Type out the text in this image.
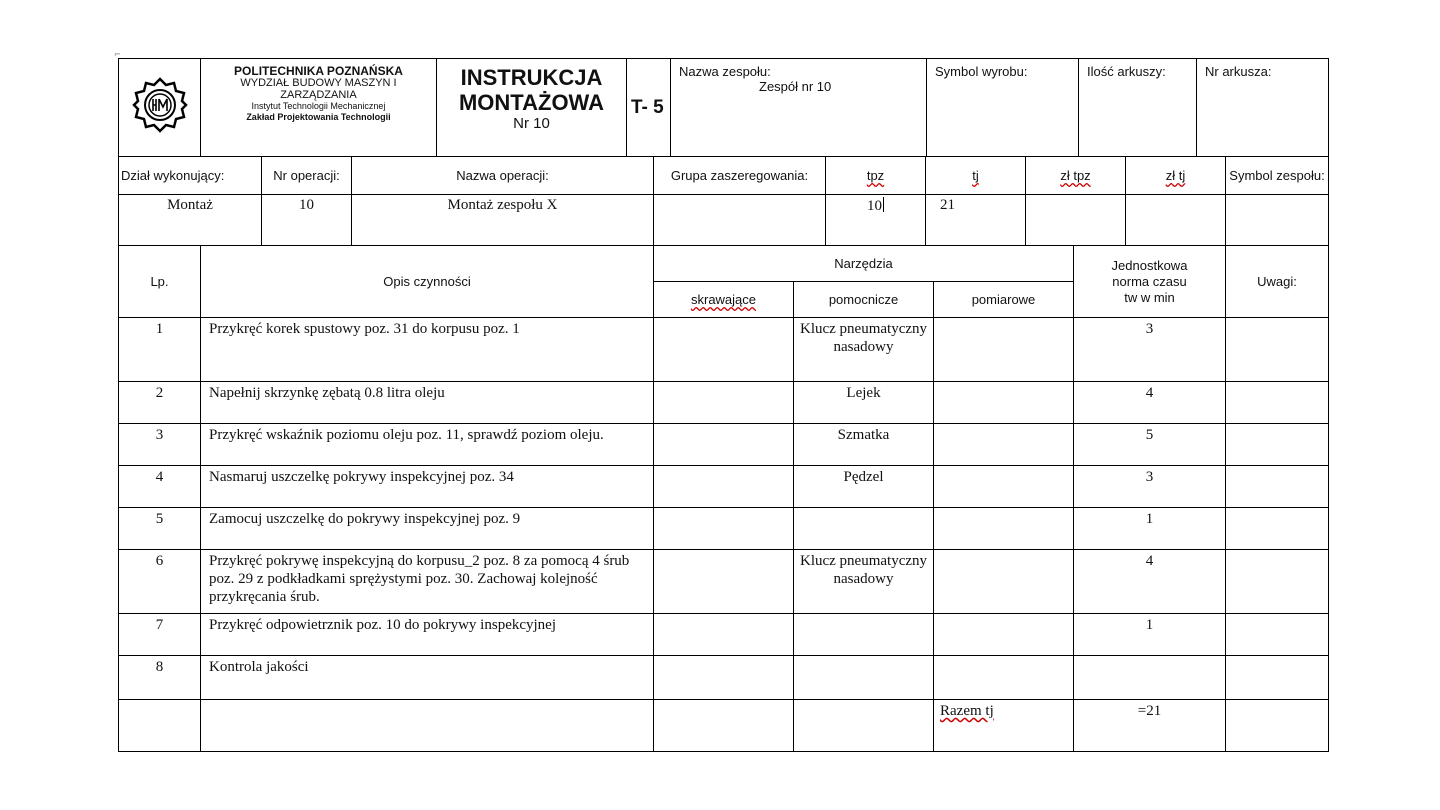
⌐

POLITECHNIKA POZNAŃSKA
WYDZIAŁ BUDOWY MASZYN I ZARZĄDZANIA
Instytut Technologii Mechanicznej
Zakład Projektowania Technologii

INSTRUKCJA
MONTAŻOWA
Nr 10
	T- 5	
Nazwa zespołu:
Zespół nr 10

Symbol wyrobu:	Ilość arkuszy:	Nr arkusza:
Dział wykonujący:	Nr operacji:	Nazwa operacji:	Grupa zaszeregowania:	tpz	tj	zł tpz	zł tj	Symbol zespołu:
Montaż	10	Montaż zespołu X		10	21			
Lp.	Opis czynności	Narzędzia			Jednostkowa
norma czasu
tw w min	Uwagi:
		skrawające	pomocnicze	pomiarowe		
1	Przykręć korek spustowy poz. 31 do korpusu poz. 1		Klucz pneumatyczny nasadowy		3	
2	Napełnij skrzynkę zębatą 0.8 litra oleju		Lejek		4	
3	Przykręć wskaźnik poziomu oleju poz. 11, sprawdź poziom oleju.		Szmatka		5	
4	Nasmaruj uszczelkę pokrywy inspekcyjnej poz. 34		Pędzel		3	
5	Zamocuj uszczelkę do pokrywy inspekcyjnej poz. 9				1	
6	Przykręć pokrywę inspekcyjną do korpusu_2 poz. 8 za pomocą 4 śrub poz. 29 z podkładkami sprężystymi poz. 30. Zachowaj kolejność przykręcania śrub.		Klucz pneumatyczny nasadowy		4	
7	Przykręć odpowietrznik poz. 10 do pokrywy inspekcyjnej				1	
8	Kontrola jakości					
				Razem tj	=21	
